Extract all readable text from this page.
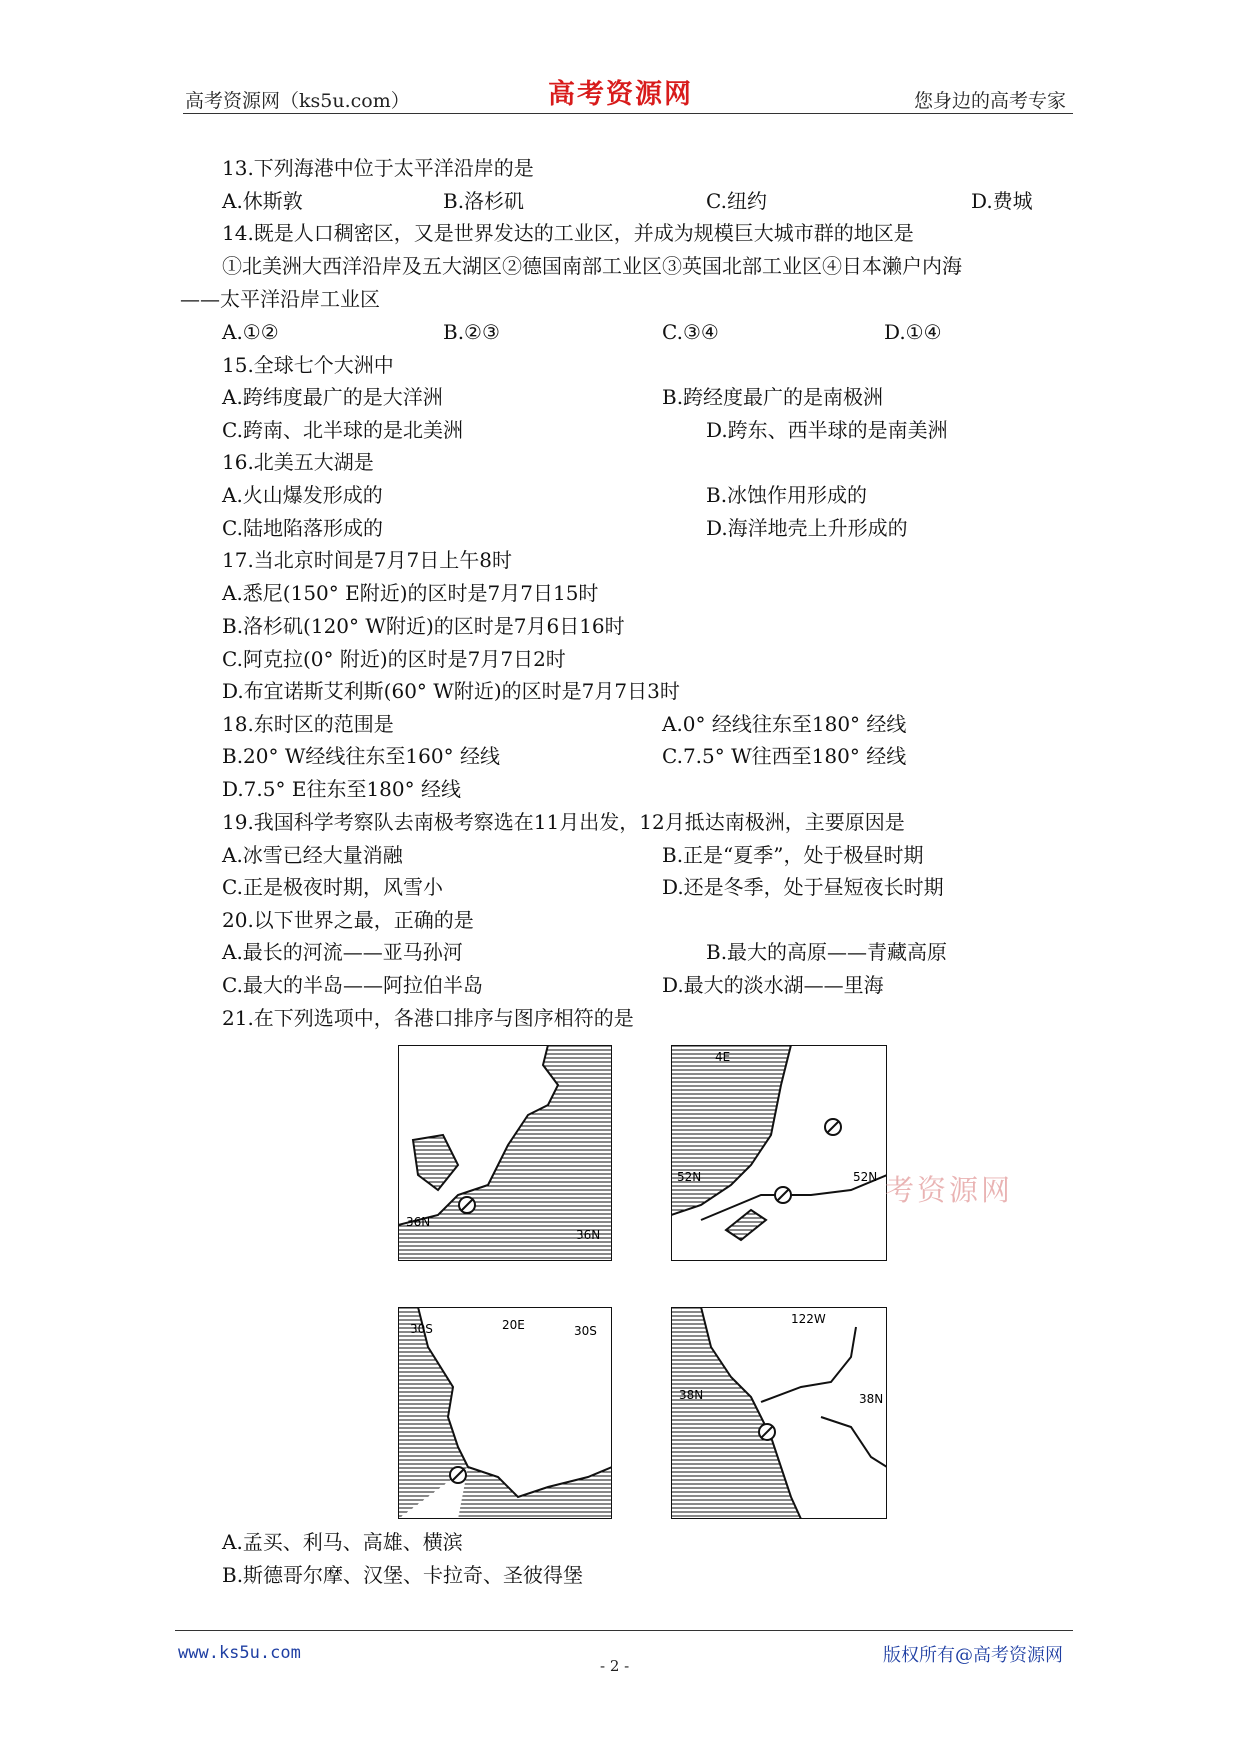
高考资源网（ks5u.com）	高考资源网	您身边的高考专家
13.下列海港中位于太平洋沿岸的是
A.休斯敦	B.洛杉矶	C.纽约	D.费城
14.既是人口稠密区，又是世界发达的工业区，并成为规模巨大城市群的地区是
①北美洲大西洋沿岸及五大湖区②德国南部工业区③英国北部工业区④日本濑户内海
——太平洋沿岸工业区
A.①②	B.②③	C.③④	D.①④
15.全球七个大洲中
A.跨纬度最广的是大洋洲	B.跨经度最广的是南极洲
C.跨南、北半球的是北美洲	D.跨东、西半球的是南美洲
16.北美五大湖是
A.火山爆发形成的	B.冰蚀作用形成的
C.陆地陷落形成的	D.海洋地壳上升形成的
17.当北京时间是7月7日上午8时
A.悉尼(150° E附近)的区时是7月7日15时
B.洛杉矶(120° W附近)的区时是7月6日16时
C.阿克拉(0° 附近)的区时是7月7日2时
D.布宜诺斯艾利斯(60° W附近)的区时是7月7日3时
18.东时区的范围是	A.0° 经线往东至180° 经线
B.20° W经线往东至160° 经线	C.7.5° W往西至180° 经线
D.7.5° E往东至180° 经线
19.我国科学考察队去南极考察选在11月出发，12月抵达南极洲，主要原因是
A.冰雪已经大量消融	B.正是“夏季”，处于极昼时期
C.正是极夜时期，风雪小	D.还是冬季，处于昼短夜长时期
20.以下世界之最，正确的是
A.最长的河流——亚马孙河	B.最大的高原——青藏高原
C.最大的半岛——阿拉伯半岛	D.最大的淡水湖——里海
21.在下列选项中，各港口排序与图序相符的是
36N
36N
4E
52N	52N 考资源网
30S	20E	30S
122W
38N	38N
A.孟买、利马、高雄、横滨
B.斯德哥尔摩、汉堡、卡拉奇、圣彼得堡
www.ks5u.com	版权所有@高考资源网
- 2 -
